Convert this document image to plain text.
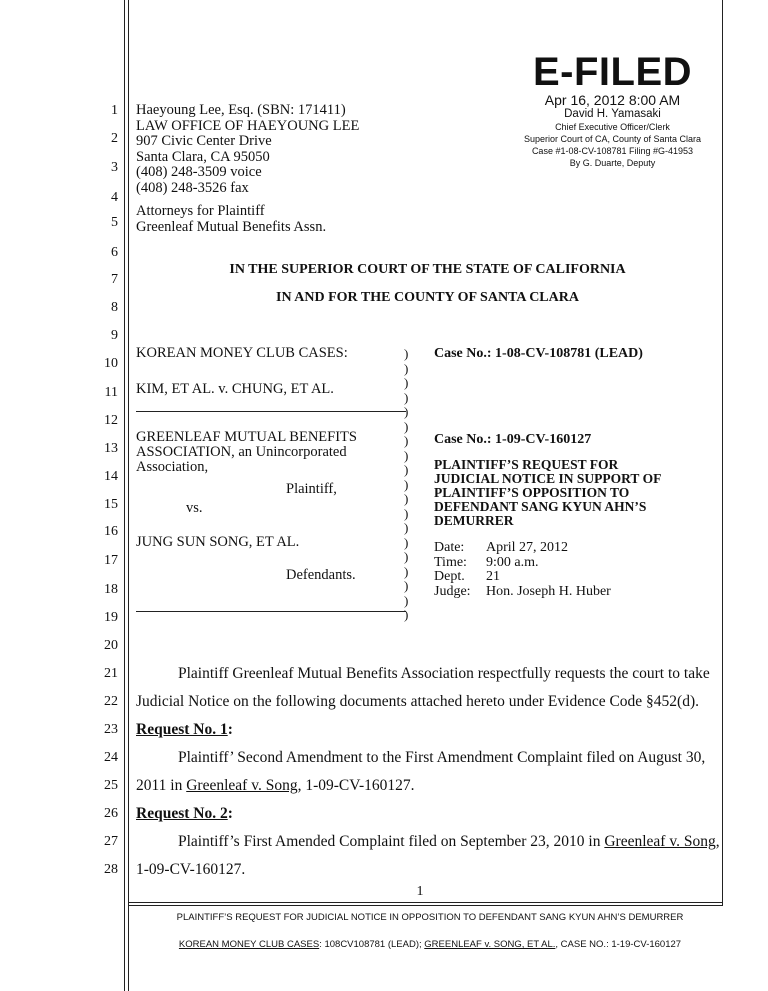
1
2
3
4
5
6
7
8
9
10
11
12
13
14
15
16
17
18
19
20
21
22
23
24
25
26
27
28
E-FILED
Apr 16, 2012 8:00 AM
David H. Yamasaki
Chief Executive Officer/Clerk
Superior Court of CA, County of Santa Clara
Case #1-08-CV-108781 Filing #G-41953
By G. Duarte, Deputy
Haeyoung Lee, Esq. (SBN: 171411)
LAW OFFICE OF HAEYOUNG LEE
907 Civic Center Drive
Santa Clara, CA 95050
(408) 248-3509 voice
(408) 248-3526 fax
Attorneys for Plaintiff
Greenleaf Mutual Benefits Assn.
IN THE SUPERIOR COURT OF THE STATE OF CALIFORNIA
IN AND FOR THE COUNTY OF SANTA CLARA
KOREAN MONEY CLUB CASES:
KIM, ET AL. v. CHUNG, ET AL.
GREENLEAF MUTUAL BENEFITS
ASSOCIATION, an Unincorporated
Association,
Plaintiff,
vs.
JUNG SUN SONG, ET AL.
Defendants.
)
)
)
)
)
)
)
)
)
)
)
)
)
)
)
)
)
)
)
Case No.: 1-08-CV-108781 (LEAD)
Case No.: 1-09-CV-160127
PLAINTIFF’S REQUEST FOR
JUDICIAL NOTICE IN SUPPORT OF
PLAINTIFF’S OPPOSITION TO
DEFENDANT SANG KYUN AHN’S
DEMURRER
Date: April 27, 2012
Time: 9:00 a.m.
Dept. 21
Judge: Hon. Joseph H. Huber
Plaintiff Greenleaf Mutual Benefits Association respectfully requests the court to take
Judicial Notice on the following documents attached hereto under Evidence Code §452(d).
Request No. 1:
Plaintiff’ Second Amendment to the First Amendment Complaint filed on August 30,
2011 in Greenleaf v. Song, 1-09-CV-160127.
Request No. 2:
Plaintiff’s First Amended Complaint filed on September 23, 2010 in Greenleaf v. Song,
1-09-CV-160127.
1
PLAINTIFF’S REQUEST FOR JUDICIAL NOTICE IN OPPOSITION TO DEFENDANT SANG KYUN AHN’S DEMURRER
KOREAN MONEY CLUB CASES: 108CV108781 (LEAD); GREENLEAF v. SONG, ET AL., CASE NO.: 1-19-CV-160127
